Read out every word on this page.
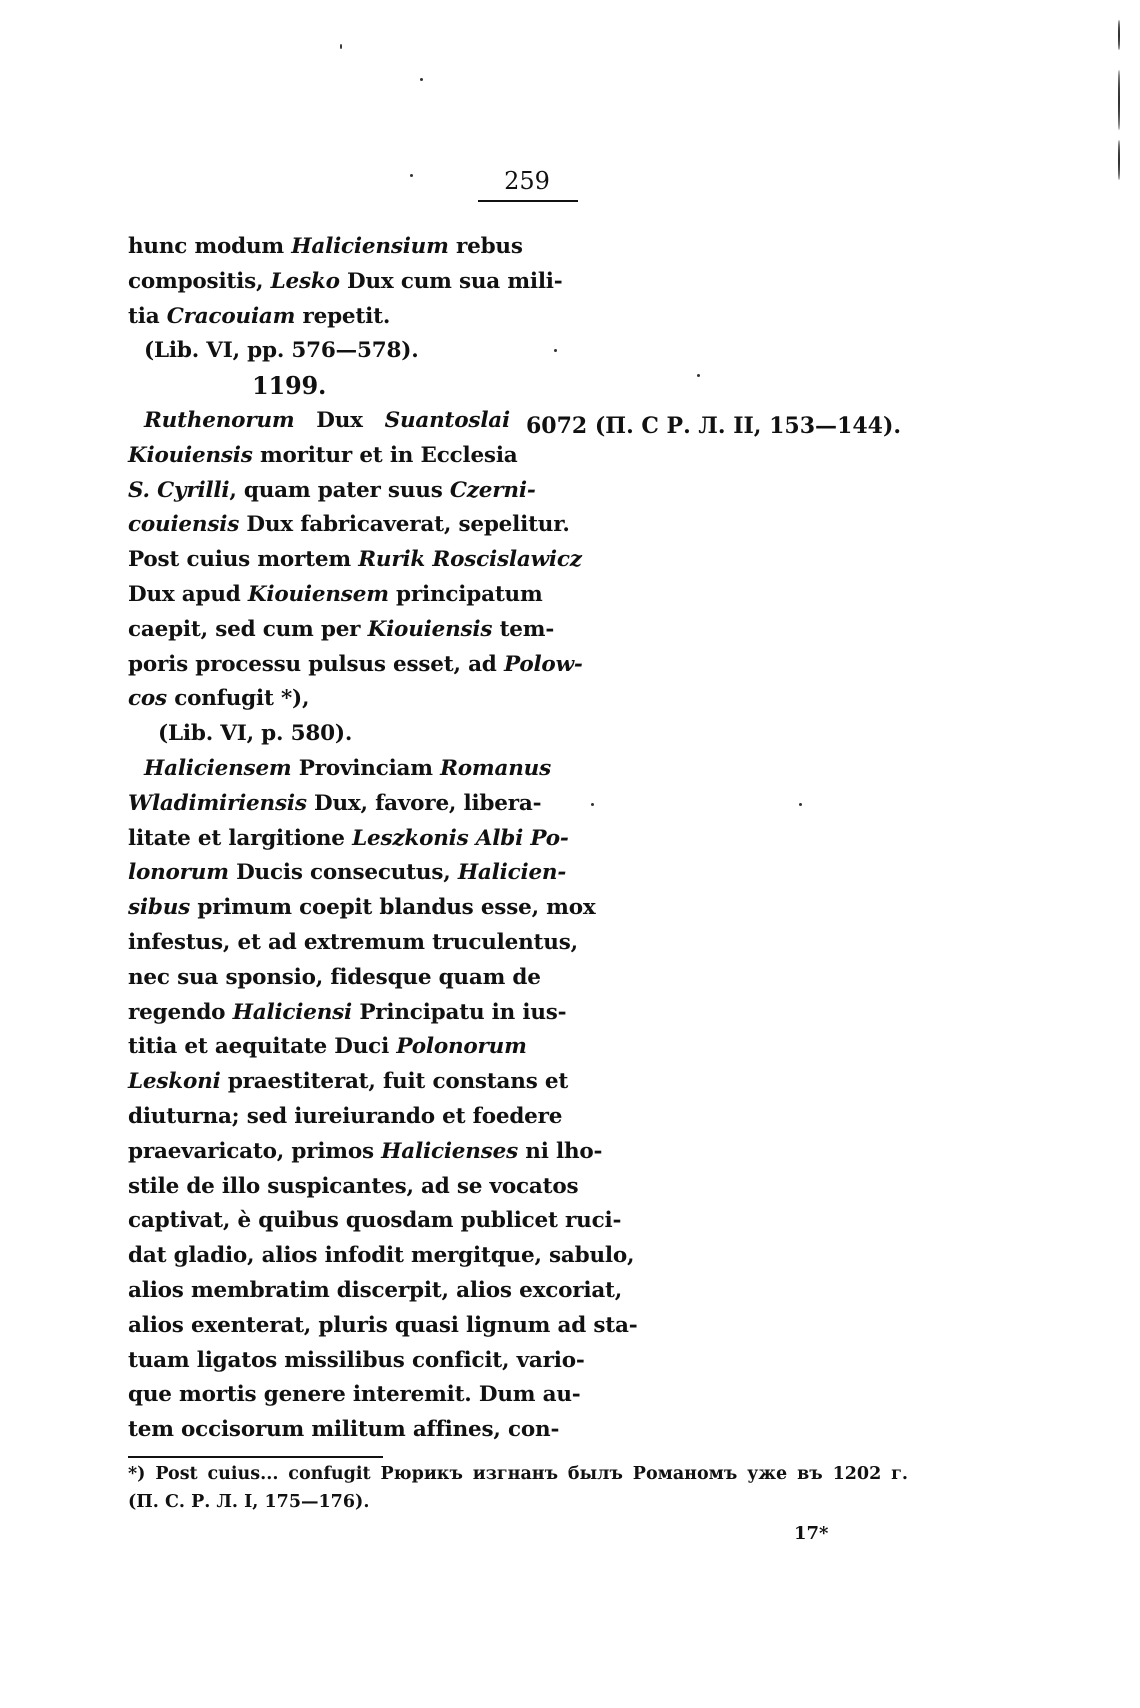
259
hunc modum Haliciensium rebus
compositis, Lesko Dux cum sua mili-
tia Cracouiam repetit.
(Lib. VI, pp. 576—578).
1199.
Ruthenorum Dux Suantoslai
Kiouiensis moritur et in Ecclesia
S. Cyrilli, quam pater suus Czerni-
couiensis Dux fabricaverat, sepelitur.
Post cuius mortem Rurik Roscislawicz
Dux apud Kiouiensem principatum
caepit, sed cum per Kiouiensis tem-
poris processu pulsus esset, ad Polow-
cos confugit *),
(Lib. VI, p. 580).
Haliciensem Provinciam Romanus
Wladimiriensis Dux, favore, libera-
litate et largitione Leszkonis Albi Po-
lonorum Ducis consecutus, Halicien-
sibus primum coepit blandus esse, mox
infestus, et ad extremum truculentus,
nec sua sponsio, fidesque quam de
regendo Haliciensi Principatu in ius-
titia et aequitate Duci Polonorum
Leskoni praestiterat, fuit constans et
diuturna; sed iureiurando et foedere
praevaricato, primos Halicienses ni lho-
stile de illo suspicantes, ad se vocatos
captivat, è quibus quosdam publicet ruci-
dat gladio, alios infodit mergitque, sabulo,
alios membratim discerpit, alios excoriat,
alios exenterat, pluris quasi lignum ad sta-
tuam ligatos missilibus conficit, vario-
que mortis genere interemit. Dum au-
tem occisorum militum affines, con-
6072 (П. С Р. Л. II, 153—144).
*) Post cuius... confugit Рюрикъ изгнанъ былъ Романомъ уже въ 1202 г.
(П. С. Р. Л. I, 175—176).
17*
